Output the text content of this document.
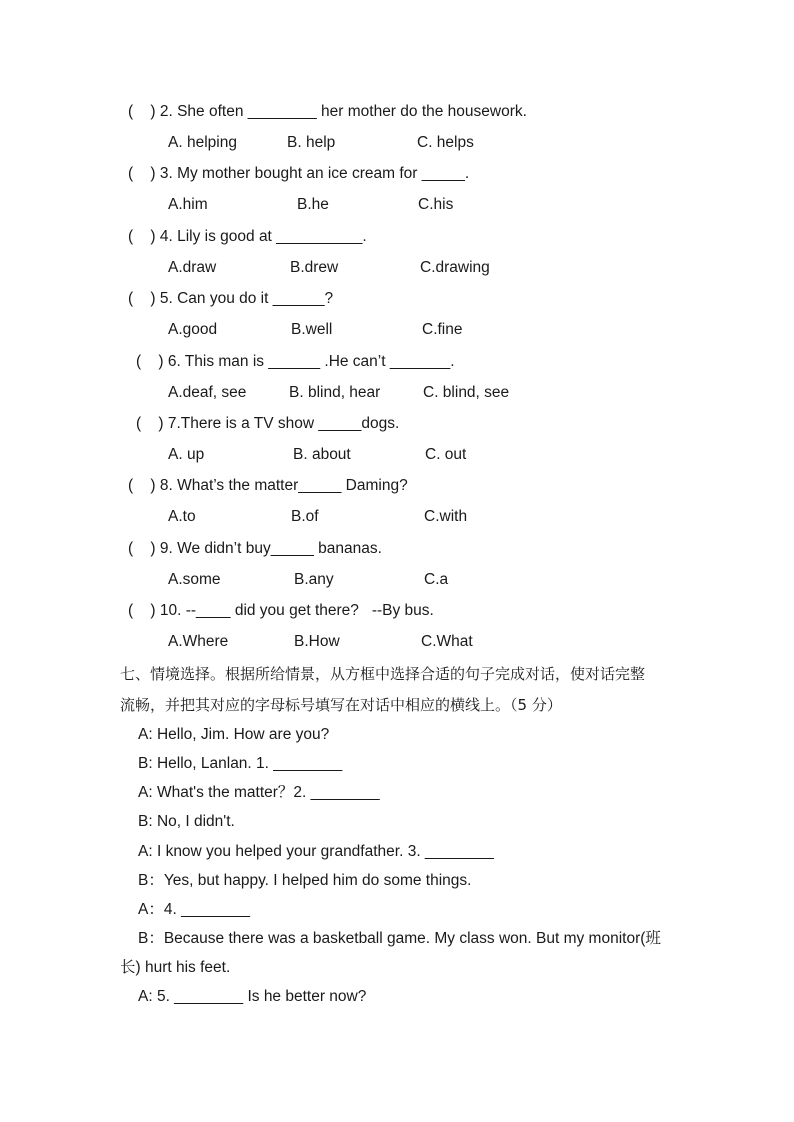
(    ) 2. She often ________ her mother do the housework.
A. helping	B. help	C. helps
(    ) 3. My mother bought an ice cream for _____.
A.him	B.he	C.his
(    ) 4. Lily is good at __________.
A.draw	B.drew	C.drawing
(    ) 5. Can you do it ______?
A.good	B.well	C.fine
(    ) 6. This man is ______ .He can’t _______.
A.deaf, see	B. blind, hear	C. blind, see
(    ) 7.There is a TV show _____dogs.
A. up	B. about	C. out
(    ) 8. What’s the matter_____ Daming?
A.to	B.of	C.with
(    ) 9. We didn’t buy_____ bananas.
A.some	B.any	C.a
(    ) 10. --____ did you get there?   --By bus.
A.Where	B.How	C.What
七、情境选择。根据所给情景，从方框中选择合适的句子完成对话，使对话完整
流畅，并把其对应的字母标号填写在对话中相应的横线上。（5 分）
A: Hello, Jim. How are you?
B: Hello, Lanlan. 1. ________
A: What's the matter？2. ________
B: No, I didn't.
A: I know you helped your grandfather. 3. ________
B：Yes, but happy. I helped him do some things.
A：4. ________
B：Because there was a basketball game. My class won. But my monitor(班
长) hurt his feet.
A: 5. ________ Is he better now?
